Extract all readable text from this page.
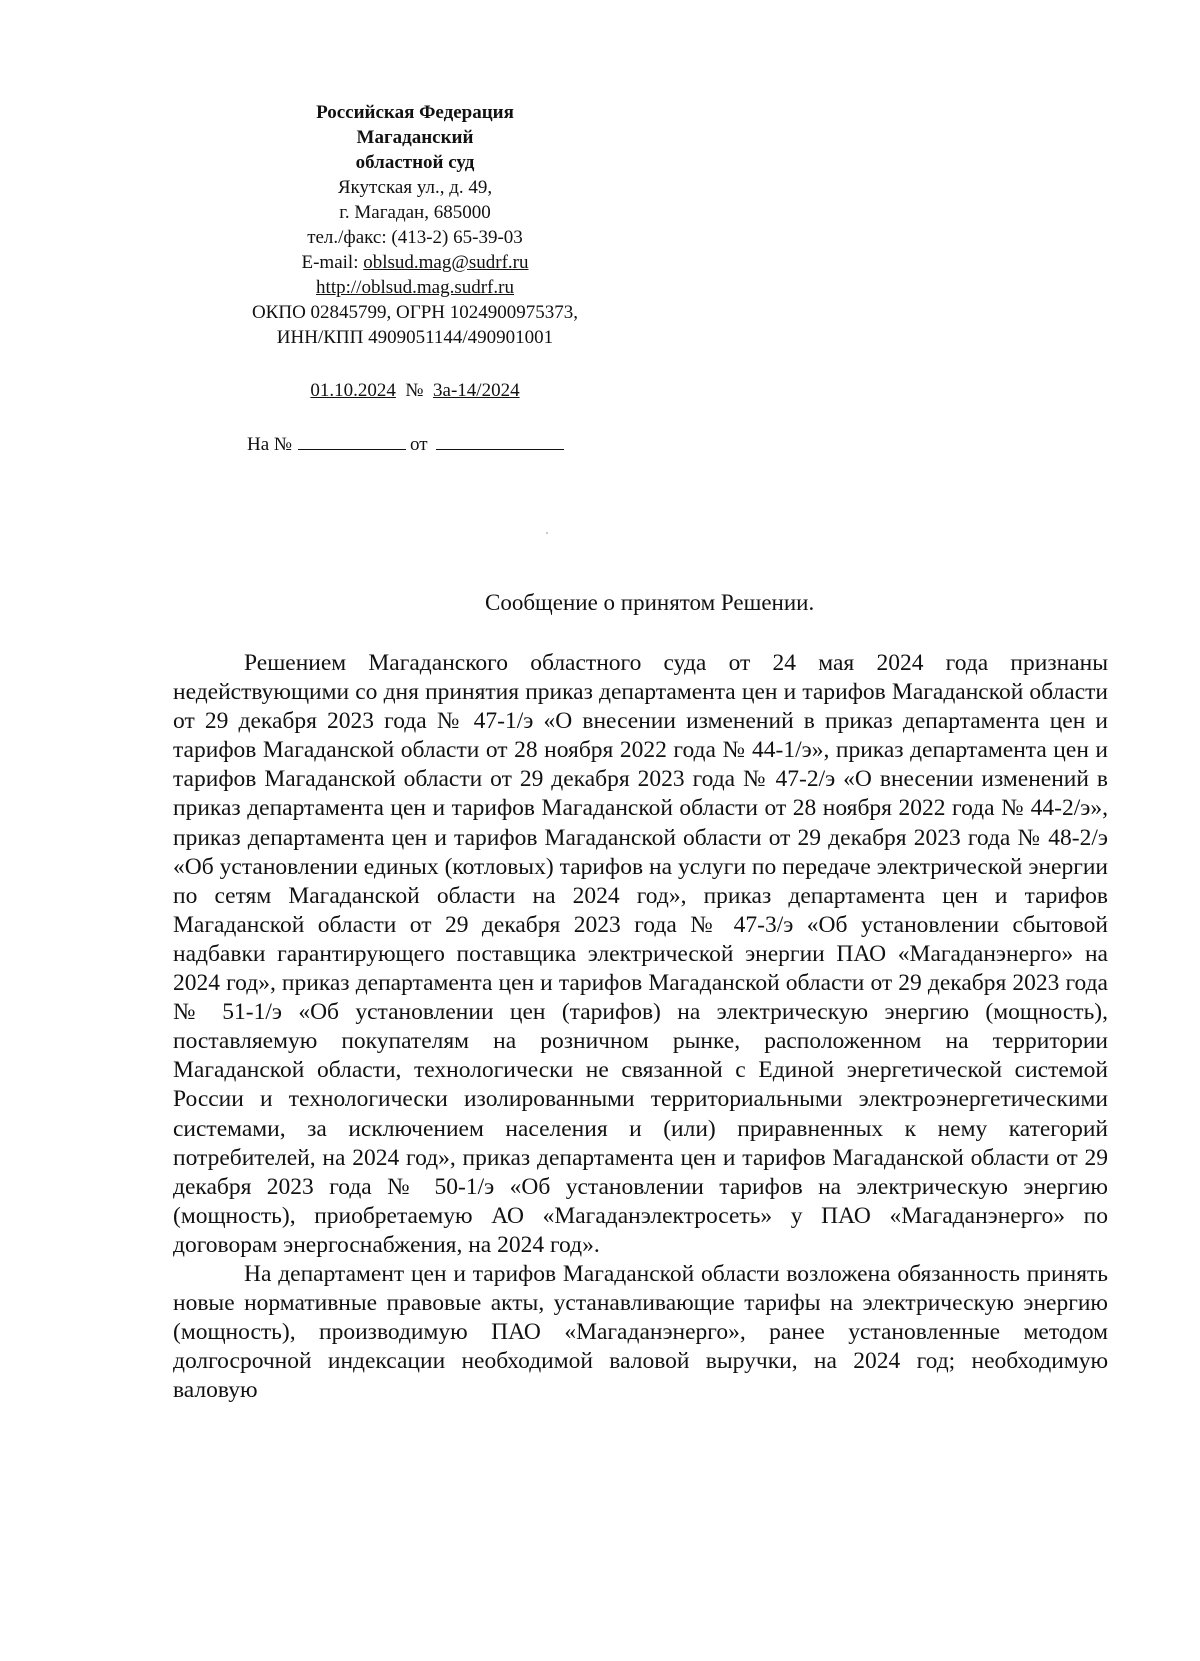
Российская Федерация
Магаданский
областной суд
Якутская ул., д. 49,
г. Магадан, 685000
тел./факс: (413-2) 65-39-03
E-mail: oblsud.mag@sudrf.ru
http://oblsud.mag.sudrf.ru
ОКПО 02845799, ОГРН 1024900975373,
ИНН/КПП 4909051144/490901001
01.10.2024 № 3а-14/2024
На №	от
Сообщение о принятом Решении.

Решением Магаданского областного суда от 24 мая 2024 года признаны недействующими со дня принятия приказ департамента цен и тарифов Магаданской области от 29 декабря 2023 года № 47-1/э «О внесении изменений в приказ департамента цен и тарифов Магаданской области от 28 ноября 2022 года № 44-1/э», приказ департамента цен и тарифов Магаданской области от 29 декабря 2023 года № 47-2/э «О внесении изменений в приказ департамента цен и тарифов Магаданской области от 28 ноября 2022 года № 44-2/э», приказ департамента цен и тарифов Магаданской области от 29 декабря 2023 года № 48-2/э «Об установлении единых (котловых) тарифов на услуги по передаче электрической энергии по сетям Магаданской области на 2024 год», приказ департамента цен и тарифов Магаданской области от 29 декабря 2023 года № 47-3/э «Об установлении сбытовой надбавки гарантирующего поставщика электрической энергии ПАО «Магаданэнерго» на 2024 год», приказ департамента цен и тарифов Магаданской области от 29 декабря 2023 года № 51-1/э «Об установлении цен (тарифов) на электрическую энергию (мощность), поставляемую покупателям на розничном рынке, расположенном на территории Магаданской области, технологически не связанной с Единой энергетической системой России и технологически изолированными территориальными электроэнергетическими системами, за исключением населения и (или) приравненных к нему категорий потребителей, на 2024 год», приказ департамента цен и тарифов Магаданской области от 29 декабря 2023 года № 50-1/э «Об установлении тарифов на электрическую энергию (мощность), приобретаемую АО «Магаданэлектросеть» у ПАО «Магаданэнерго» по договорам энергоснабжения, на 2024 год».

На департамент цен и тарифов Магаданской области возложена обязанность принять новые нормативные правовые акты, устанавливающие тарифы на электрическую энергию (мощность), производимую ПАО «Магаданэнерго», ранее установленные методом долгосрочной индексации необходимой валовой выручки, на 2024 год; необходимую валовую
